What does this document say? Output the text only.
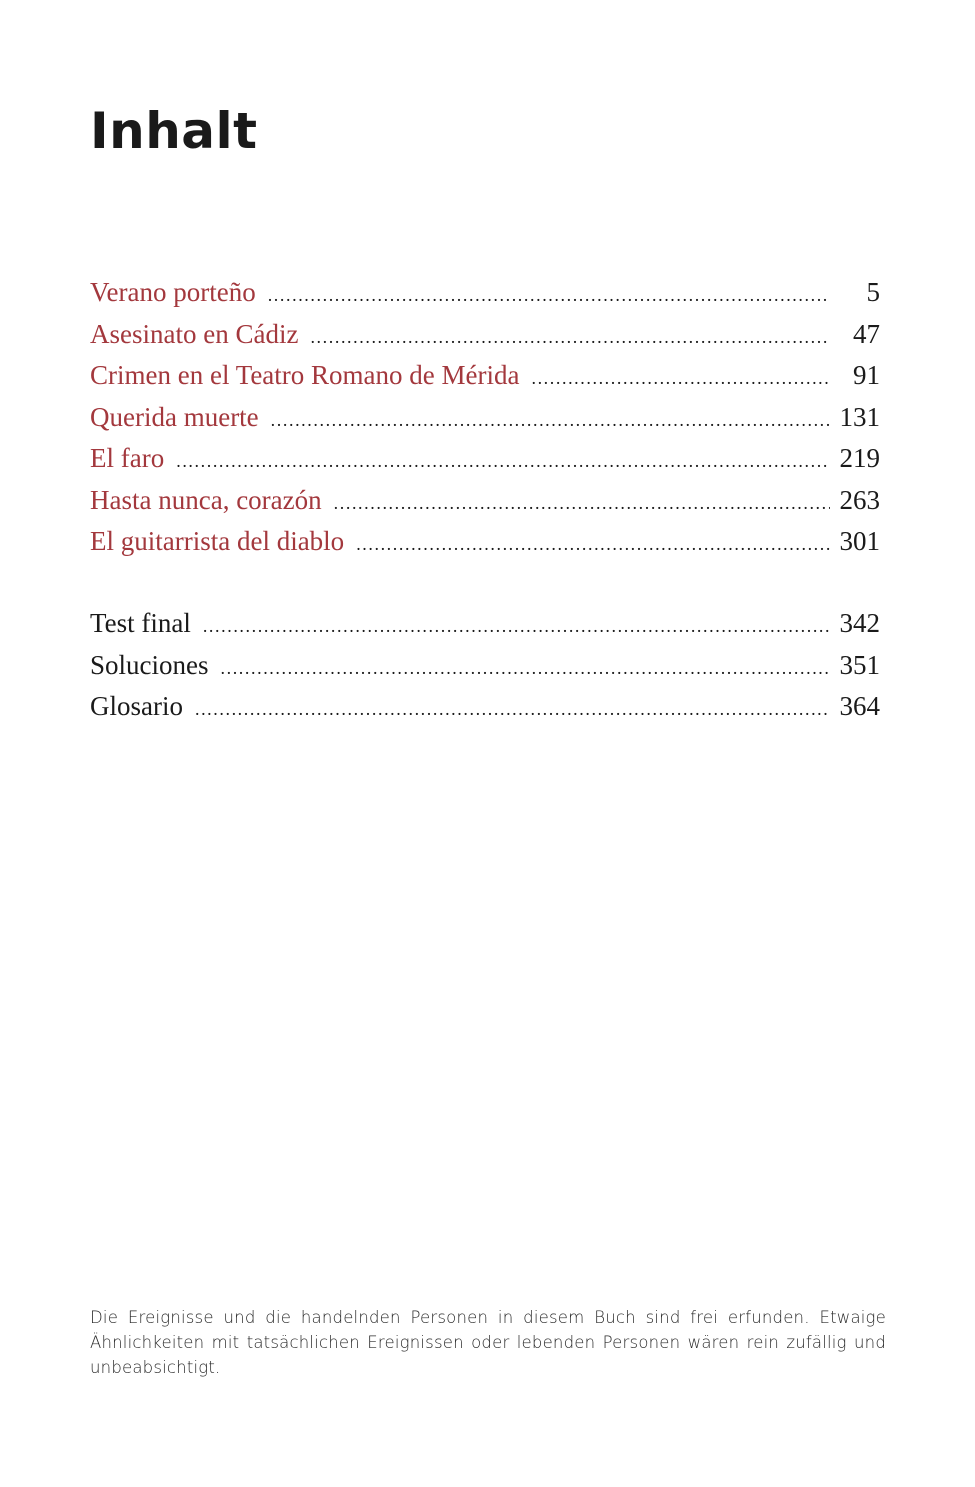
Inhalt
Verano porteño .....	5
Asesinato en Cádiz .....	47
Crimen en el Teatro Romano de Mérida .....	91
Querida muerte .....	131
El faro .....	219
Hasta nunca, corazón .....	263
El guitarrista del diablo .....	301
Test final .....	342
Soluciones .....	351
Glosario .....	364

Die Ereignisse und die handelnden Personen in diesem Buch sind frei erfunden. Etwaige Ähnlichkeiten mit tatsächlichen Ereignissen oder lebenden Personen wären rein zufällig und unbeabsichtigt.
